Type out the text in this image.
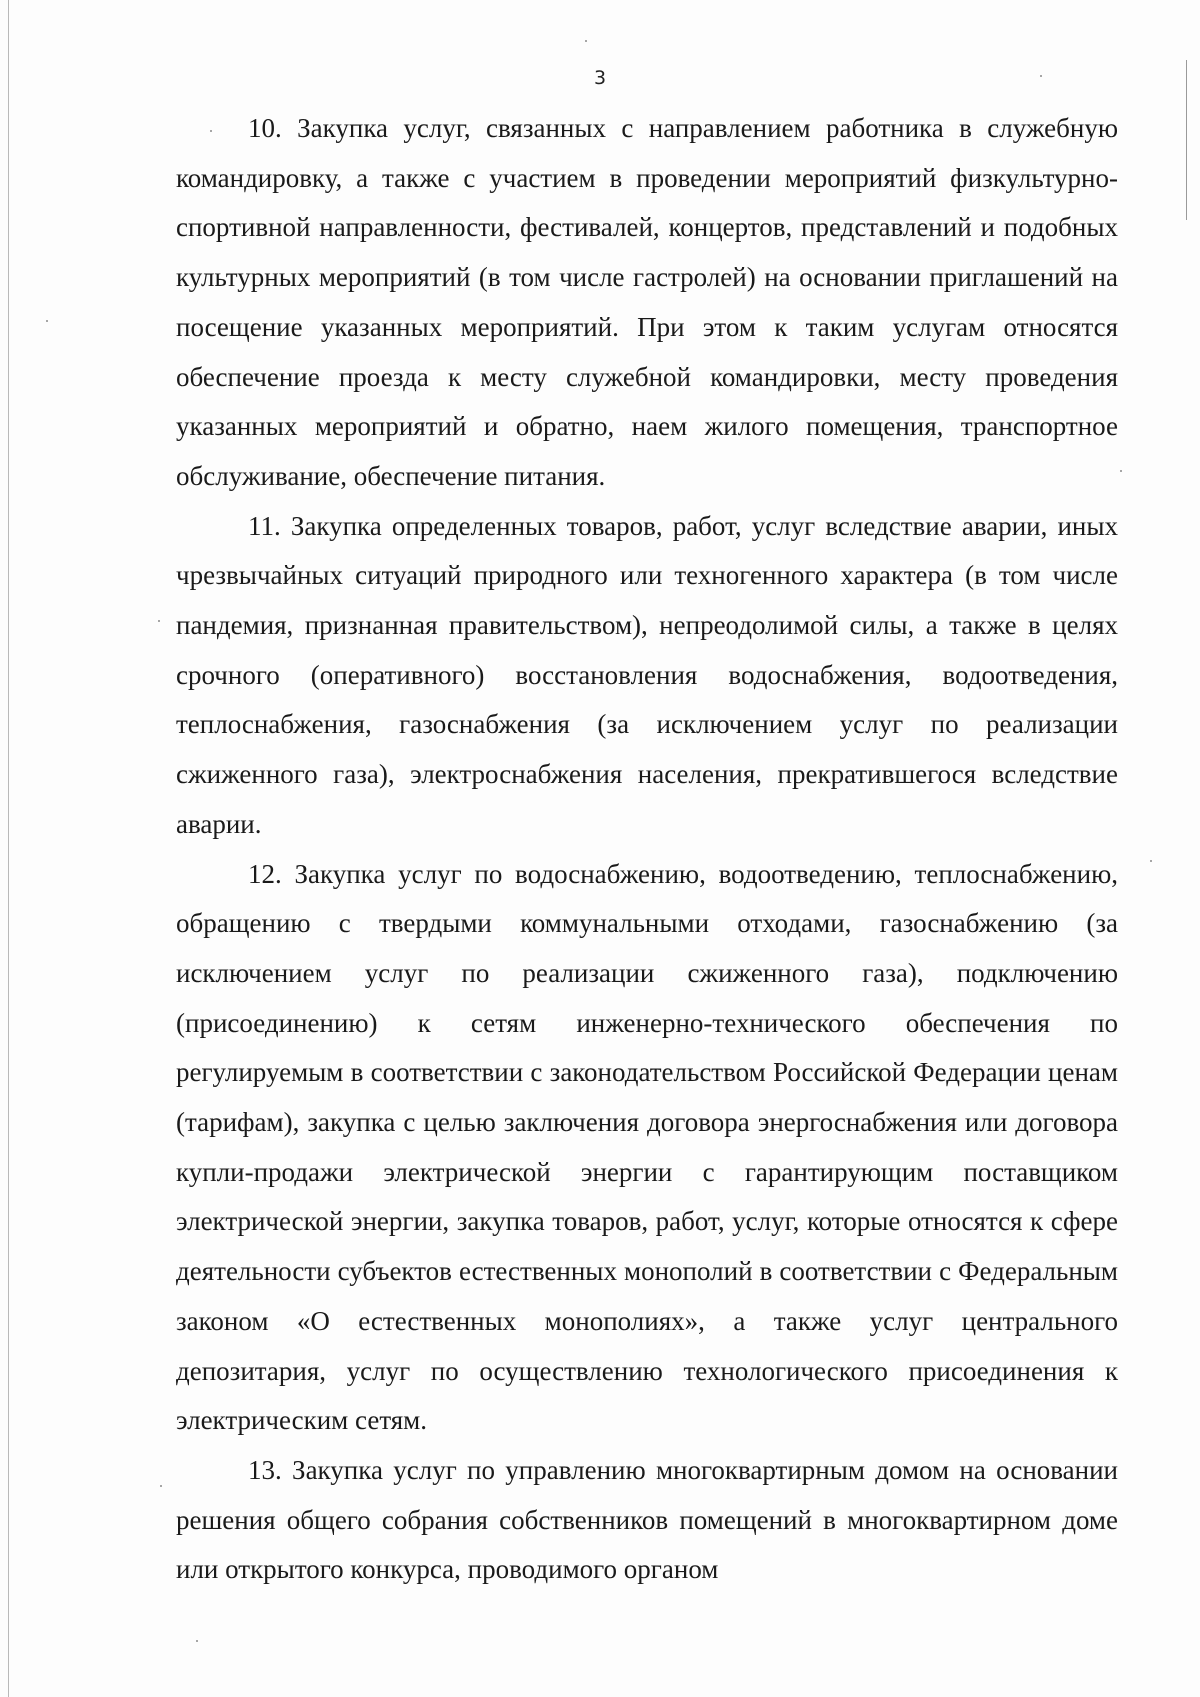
3

10. Закупка услуг, связанных с направлением работника в служебную командировку, а также с участием в проведении мероприятий физкультурно-спортивной направленности, фестивалей, концертов, представлений и подобных культурных мероприятий (в том числе гастролей) на основании приглашений на посещение указанных мероприятий. При этом к таким услугам относятся обеспечение проезда к месту служебной командировки, месту проведения указанных мероприятий и обратно, наем жилого помещения, транспортное обслуживание, обеспечение питания.

11. Закупка определенных товаров, работ, услуг вследствие аварии, иных чрезвычайных ситуаций природного или техногенного характера (в том числе пандемия, признанная правительством), непреодолимой силы, а также в целях срочного (оперативного) восстановления водоснабжения, водоотведения, теплоснабжения, газоснабжения (за исключением услуг по реализации сжиженного газа), электроснабжения населения, прекратившегося вследствие аварии.

12. Закупка услуг по водоснабжению, водоотведению, теплоснабжению, обращению с твердыми коммунальными отходами, газоснабжению (за исключением услуг по реализации сжиженного газа), подключению (присоединению) к сетям инженерно-технического обеспечения по регулируемым в соответствии с законодательством Российской Федерации ценам (тарифам), закупка с целью заключения договора энергоснабжения или договора купли-продажи электрической энергии с гарантирующим поставщиком электрической энергии, закупка товаров, работ, услуг, которые относятся к сфере деятельности субъектов естественных монополий в соответствии с Федеральным законом «О естественных монополиях», а также услуг центрального депозитария, услуг по осуществлению технологического присоединения к электрическим сетям.

13. Закупка услуг по управлению многоквартирным домом на основании решения общего собрания собственников помещений в многоквартирном доме или открытого конкурса, проводимого органом
